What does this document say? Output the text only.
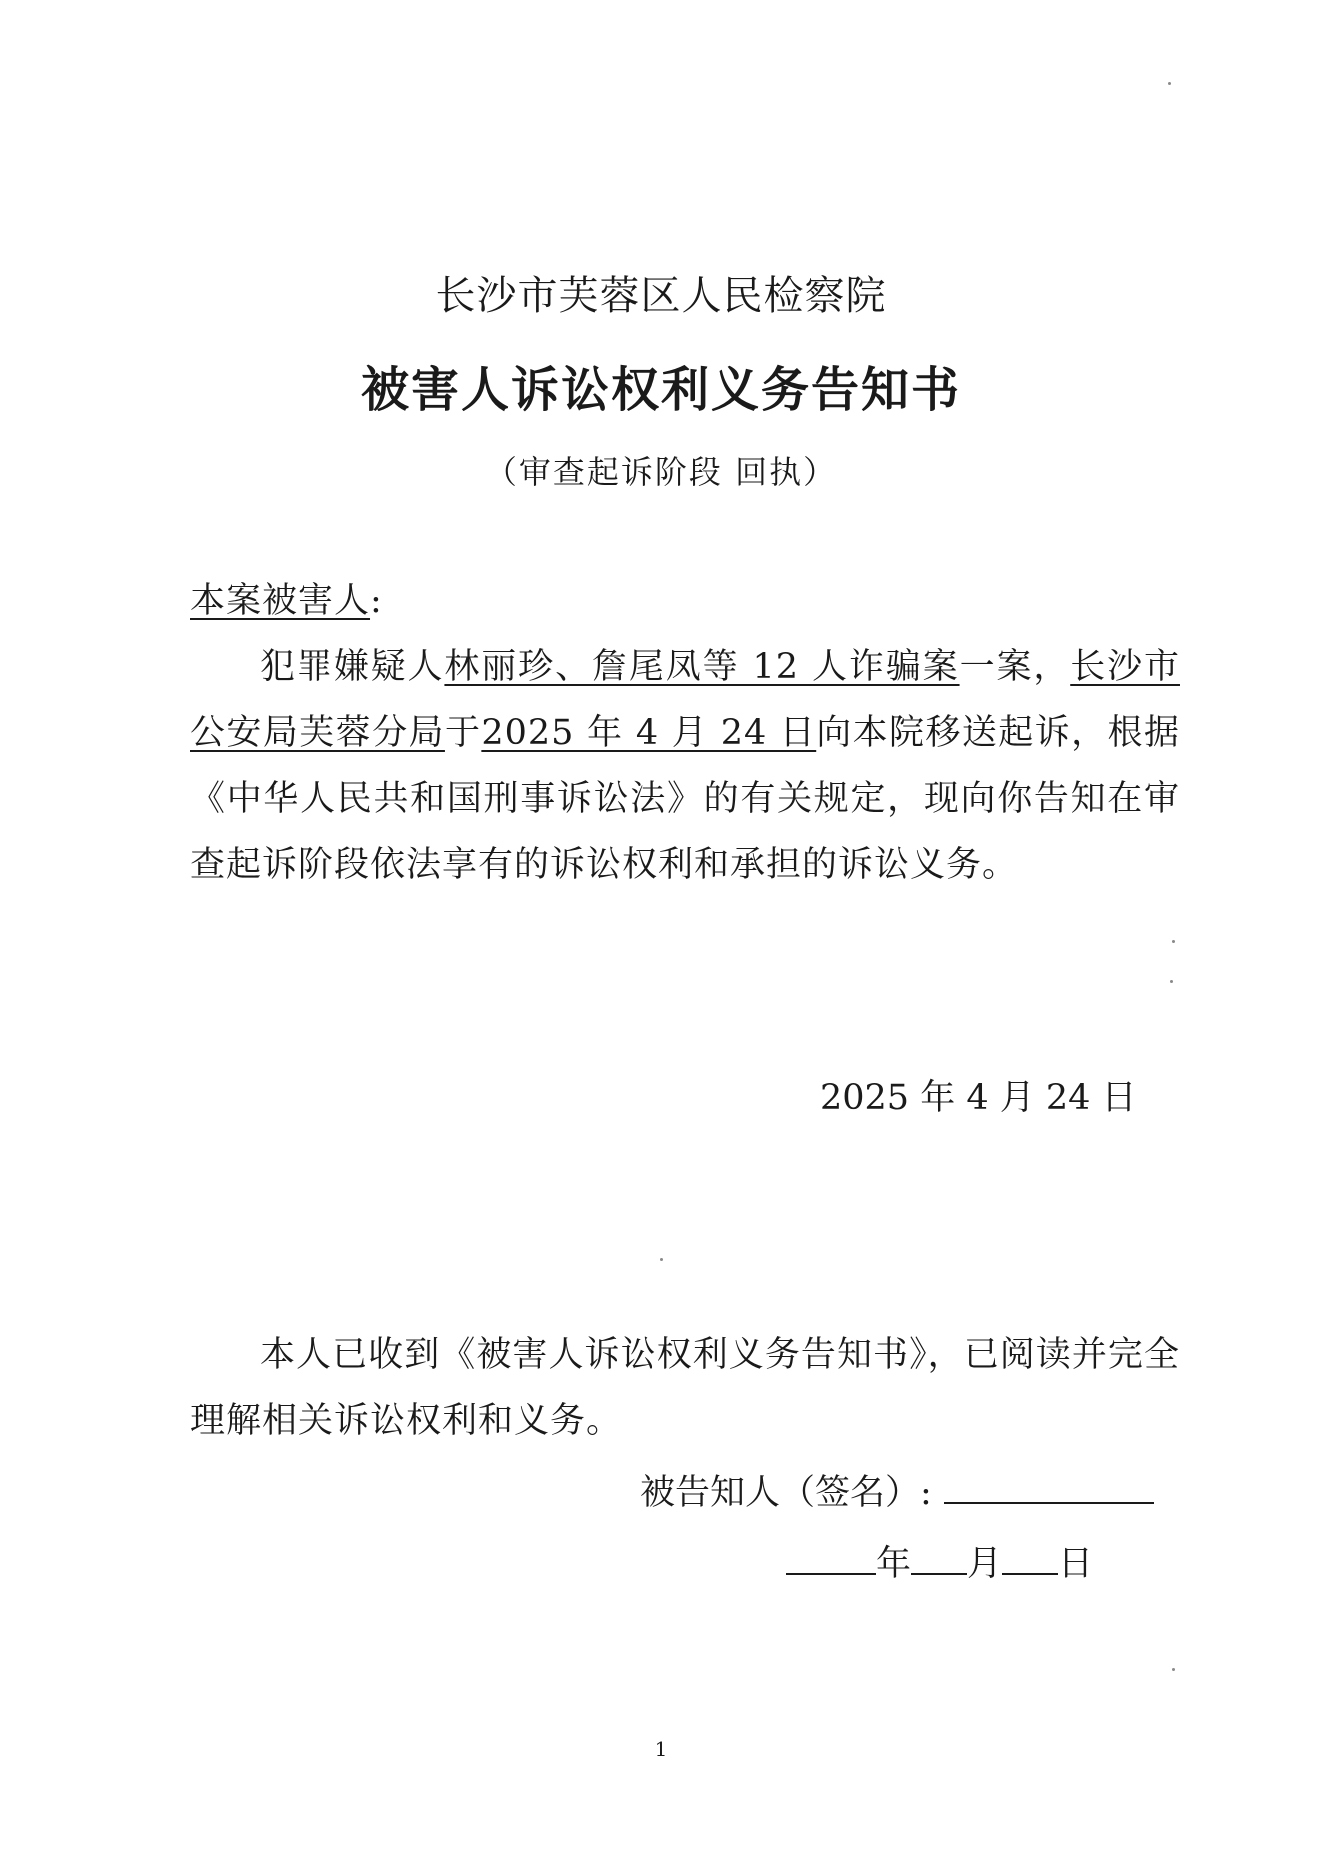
长沙市芙蓉区人民检察院
被害人诉讼权利义务告知书
（审查起诉阶段 回执）
本案被害人:
犯罪嫌疑人林丽珍、詹尾凤等 12 人诈骗案一案，长沙市公安局芙蓉分局于2025 年 4 月 24 日向本院移送起诉，根据《中华人民共和国刑事诉讼法》的有关规定，现向你告知在审查起诉阶段依法享有的诉讼权利和承担的诉讼义务。
2025 年 4 月 24 日
本人已收到《被害人诉讼权利义务告知书》，已阅读并完全理解相关诉讼权利和义务。
被告知人（签名）:
年 月 日
1
